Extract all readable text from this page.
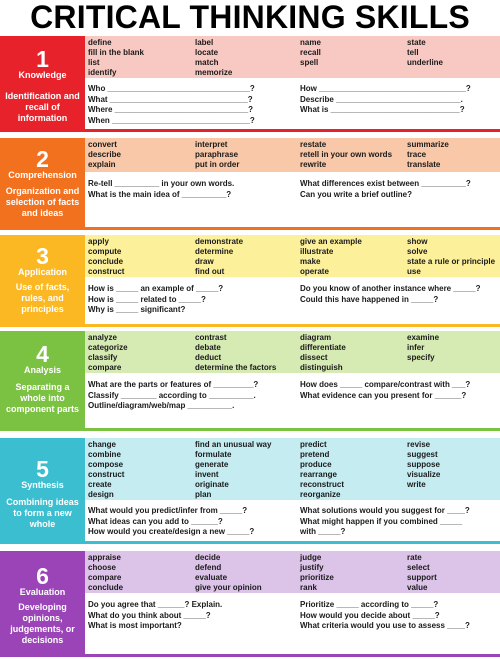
CRITICAL THINKING SKILLS
1
Knowledge
Identification and recall of information
define
fill in the blank
list
identify
label
locate
match
memorize
name
recall
spell
state
tell
underline
Who ________________________________?
What _______________________________?
Where ______________________________?
When _______________________________?
How _________________________________?
Describe ____________________________.
What is _____________________________?
2
Comprehension
Organization and selection of facts and ideas
convert
describe
explain
interpret
paraphrase
put in order
restate
retell in your own words
rewrite
summarize
trace
translate
Re-tell __________ in your own words.
What is the main idea of __________?
What differences exist between __________?
Can you write a brief outline?
3
Application
Use of facts, rules, and principles
apply
compute
conclude
construct
demonstrate
determine
draw
find out
give an example
illustrate
make
operate
show
solve
state a rule or principle
use
How is _____ an example of _____?
How is _____ related to _____?
Why is _____ significant?
Do you know of another instance where _____?
Could this have happened in _____?
4
Analysis
Separating a whole into component parts
analyze
categorize
classify
compare
contrast
debate
deduct
determine the factors
diagram
differentiate
dissect
distinguish
examine
infer
specify
What are the parts or features of _________?
Classify ________ according to __________.
Outline/diagram/web/map __________.
How does _____ compare/contrast with ___?
What evidence can you present for ______?
5
Synthesis
Combining ideas to form a new whole
change
combine
compose
construct
create
design
find an unusual way
formulate
generate
invent
originate
plan
predict
pretend
produce
rearrange
reconstruct
reorganize
revise
suggest
suppose
visualize
write
What would you predict/infer from _____?
What ideas can you add to ______?
How would you create/design a new _____?
What solutions would you suggest for ____?
What might happen if you combined _____
with _____?
6
Evaluation
Developing opinions, judgements, or decisions
appraise
choose
compare
conclude
decide
defend
evaluate
give your opinion
judge
justify
prioritize
rank
rate
select
support
value
Do you agree that ______? Explain.
What do you think about _____?
What is most important?
Prioritize _____ according to _____?
How would you decide about _____?
What criteria would you use to assess ____?
